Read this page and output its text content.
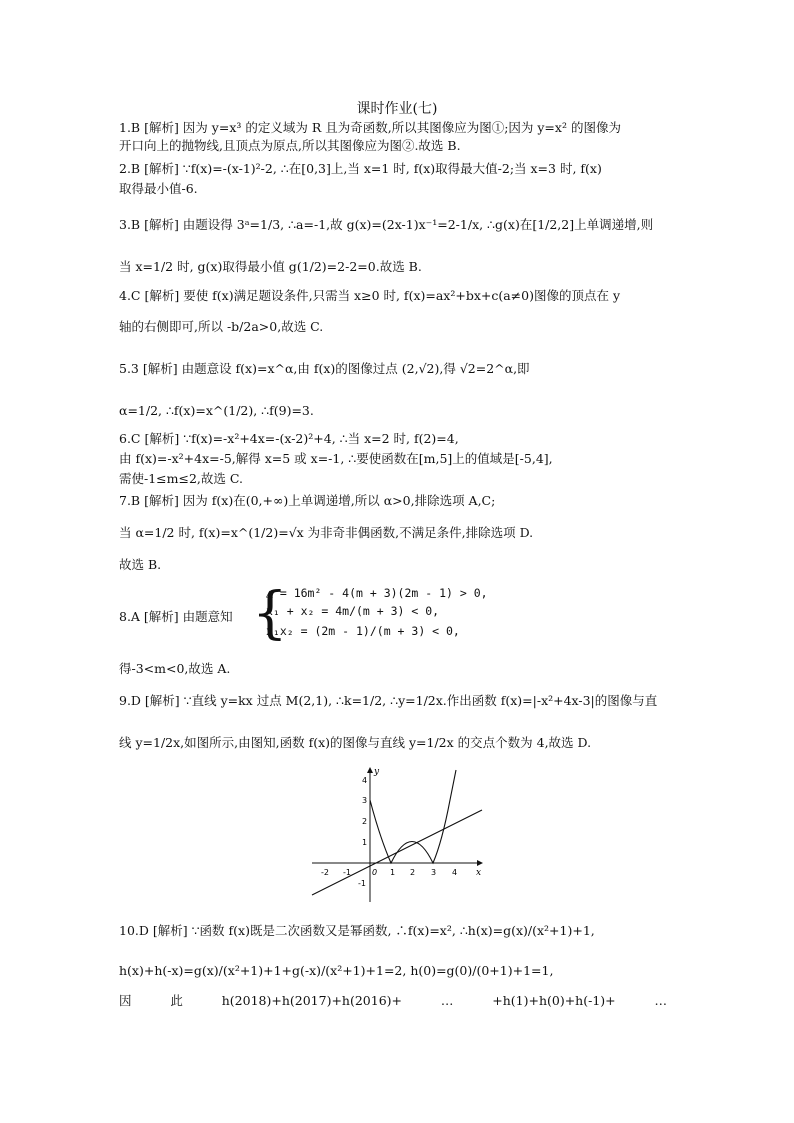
课时作业(七)
1.B [解析] 因为 y=x³ 的定义域为 R 且为奇函数,所以其图像应为图①;因为 y=x² 的图像为
开口向上的抛物线,且顶点为原点,所以其图像应为图②.故选 B.
2.B [解析] ∵f(x)=-(x-1)²-2, ∴在[0,3]上,当 x=1 时, f(x)取得最大值-2;当 x=3 时, f(x)
取得最小值-6.
3.B [解析] 由题设得 3ᵃ=1/3, ∴a=-1,故 g(x)=(2x-1)x⁻¹=2-1/x, ∴g(x)在[1/2,2]上单调递增,则
当 x=1/2 时, g(x)取得最小值 g(1/2)=2-2=0.故选 B.
4.C [解析] 要使 f(x)满足题设条件,只需当 x≥0 时, f(x)=ax²+bx+c(a≠0)图像的顶点在 y
轴的右侧即可,所以 -b/2a>0,故选 C.
5.3 [解析] 由题意设 f(x)=x^α,由 f(x)的图像过点 (2,√2),得 √2=2^α,即
α=1/2, ∴f(x)=x^(1/2), ∴f(9)=3.
6.C [解析] ∵f(x)=-x²+4x=-(x-2)²+4, ∴当 x=2 时, f(2)=4,
由 f(x)=-x²+4x=-5,解得 x=5 或 x=-1, ∴要使函数在[m,5]上的值域是[-5,4],
需使-1≤m≤2,故选 C.
7.B [解析] 因为 f(x)在(0,+∞)上单调递增,所以 α>0,排除选项 A,C;
当 α=1/2 时, f(x)=x^(1/2)=√x 为非奇非偶函数,不满足条件,排除选项 D.
故选 B.
8.A [解析] 由题意知 {
△ = 16m² - 4(m + 3)(2m - 1) > 0,
x₁ + x₂ = 4m/(m + 3) < 0,
x₁x₂ = (2m - 1)/(m + 3) < 0,
得-3<m<0,故选 A.
9.D [解析] ∵直线 y=kx 过点 M(2,1), ∴k=1/2, ∴y=1/2x.作出函数 f(x)=|-x²+4x-3|的图像与直
线 y=1/2x,如图所示,由图知,函数 f(x)的图像与直线 y=1/2x 的交点个数为 4,故选 D.
x
y
-2 -1	0 1 2 3 4
4
3
2
1
-1
10.D [解析] ∵函数 f(x)既是二次函数又是幂函数, ∴f(x)=x², ∴h(x)=g(x)/(x²+1)+1,
h(x)+h(-x)=g(x)/(x²+1)+1+g(-x)/(x²+1)+1=2, h(0)=g(0)/(0+1)+1=1,
因	此	h(2018)+h(2017)+h(2016)+	…	+h(1)+h(0)+h(-1)+	…
